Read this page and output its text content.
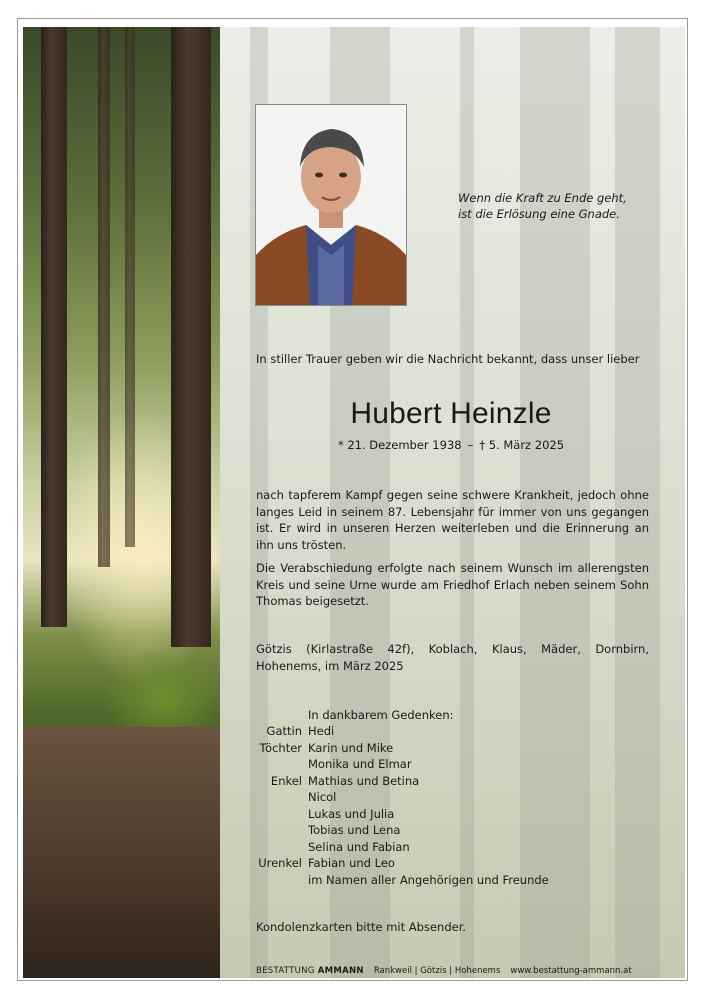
Wenn die Kraft zu Ende geht,
ist die Erlösung eine Gnade.
In stiller Trauer geben wir die Nachricht bekannt, dass unser lieber
Hubert Heinzle
* 21. Dezember 1938 – † 5. März 2025
nach tapferem Kampf gegen seine schwere Krankheit, jedoch ohne langes Leid in seinem 87. Lebensjahr für immer von uns gegangen ist. Er wird in unseren Herzen weiterleben und die Erinnerung an ihn uns trösten.
Die Verabschiedung erfolgte nach seinem Wunsch im allerengsten Kreis und seine Urne wurde am Friedhof Erlach neben seinem Sohn Thomas beigesetzt.
Götzis (Kirlastraße 42f), Koblach, Klaus, Mäder, Dornbirn, Hohenems, im März 2025
In dankbarem Gedenken:
Gattin Hedi
Töchter Karin und Mike
Monika und Elmar
Enkel Mathias und Betina
Nicol
Lukas und Julia
Tobias und Lena
Selina und Fabian
Urenkel Fabian und Leo
im Namen aller Angehörigen und Freunde
Kondolenzkarten bitte mit Absender.
BESTATTUNG AMMANN Rankweil | Götzis | Hohenems www.bestattung-ammann.at
